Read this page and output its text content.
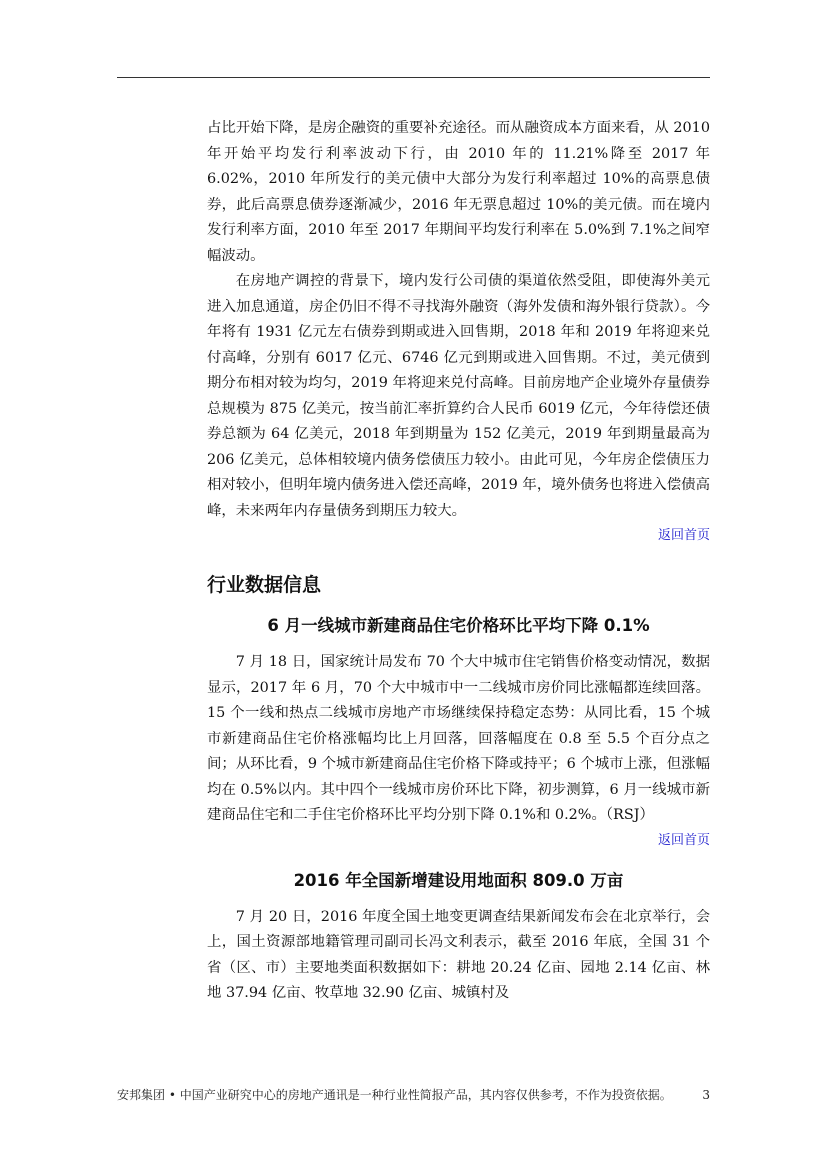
占比开始下降，是房企融资的重要补充途径。而从融资成本方面来看，从 2010 年开始平均发行利率波动下行，由 2010 年的 11.21%降至 2017 年 6.02%，2010 年所发行的美元债中大部分为发行利率超过 10%的高票息债券，此后高票息债券逐渐减少，2016 年无票息超过 10%的美元债。而在境内发行利率方面，2010 年至 2017 年期间平均发行利率在 5.0%到 7.1%之间窄幅波动。

在房地产调控的背景下，境内发行公司债的渠道依然受阻，即使海外美元进入加息通道，房企仍旧不得不寻找海外融资（海外发债和海外银行贷款）。今年将有 1931 亿元左右债券到期或进入回售期，2018 年和 2019 年将迎来兑付高峰，分别有 6017 亿元、6746 亿元到期或进入回售期。不过，美元债到期分布相对较为均匀，2019 年将迎来兑付高峰。目前房地产企业境外存量债券总规模为 875 亿美元，按当前汇率折算约合人民币 6019 亿元，今年待偿还债券总额为 64 亿美元，2018 年到期量为 152 亿美元，2019 年到期量最高为 206 亿美元，总体相较境内债务偿债压力较小。由此可见，今年房企偿债压力相对较小，但明年境内债务进入偿还高峰，2019 年，境外债务也将进入偿债高峰，未来两年内存量债务到期压力较大。

返回首页
行业数据信息
6 月一线城市新建商品住宅价格环比平均下降 0.1%

7 月 18 日，国家统计局发布 70 个大中城市住宅销售价格变动情况，数据显示，2017 年 6 月，70 个大中城市中一二线城市房价同比涨幅都连续回落。15 个一线和热点二线城市房地产市场继续保持稳定态势：从同比看，15 个城市新建商品住宅价格涨幅均比上月回落，回落幅度在 0.8 至 5.5 个百分点之间；从环比看，9 个城市新建商品住宅价格下降或持平；6 个城市上涨，但涨幅均在 0.5%以内。其中四个一线城市房价环比下降，初步测算，6 月一线城市新建商品住宅和二手住宅价格环比平均分别下降 0.1%和 0.2%。（RSJ）

返回首页
2016 年全国新增建设用地面积 809.0 万亩

7 月 20 日，2016 年度全国土地变更调查结果新闻发布会在北京举行，会上，国土资源部地籍管理司副司长冯文利表示，截至 2016 年底，全国 31 个省（区、市）主要地类面积数据如下：耕地 20.24 亿亩、园地 2.14 亿亩、林地 37.94 亿亩、牧草地 32.90 亿亩、城镇村及

安邦集团 • 中国产业研究中心的房地产通讯是一种行业性简报产品，其内容仅供参考，不作为投资依据。	3
